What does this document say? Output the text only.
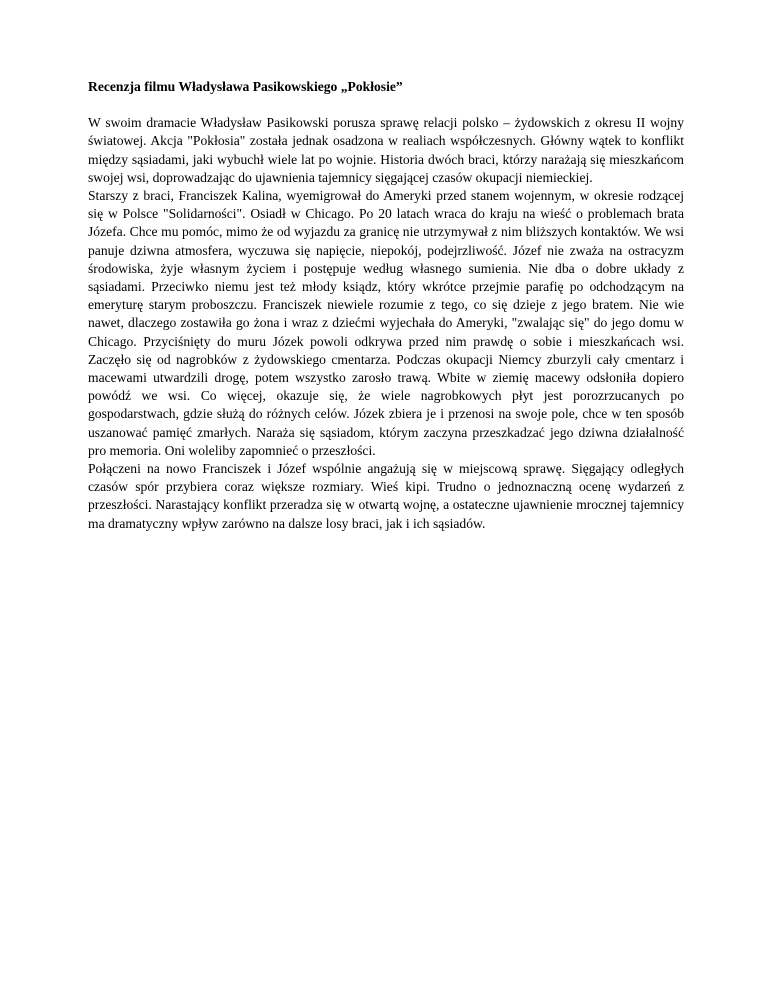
Recenzja filmu Władysława Pasikowskiego „Pokłosie”

W swoim dramacie Władysław Pasikowski porusza sprawę relacji polsko – żydowskich z okresu II wojny światowej. Akcja "Pokłosia" została jednak osadzona w realiach współczesnych. Główny wątek to konflikt między sąsiadami, jaki wybuchł wiele lat po wojnie. Historia dwóch braci, którzy narażają się mieszkańcom swojej wsi, doprowadzając do ujawnienia tajemnicy sięgającej czasów okupacji niemieckiej.

Starszy z braci, Franciszek Kalina, wyemigrował do Ameryki przed stanem wojennym, w okresie rodzącej się w Polsce "Solidarności". Osiadł w Chicago. Po 20 latach wraca do kraju na wieść o problemach brata Józefa. Chce mu pomóc, mimo że od wyjazdu za granicę nie utrzymywał z nim bliższych kontaktów. We wsi panuje dziwna atmosfera, wyczuwa się napięcie, niepokój, podejrzliwość. Józef nie zważa na ostracyzm środowiska, żyje własnym życiem i postępuje według własnego sumienia. Nie dba o dobre układy z sąsiadami. Przeciwko niemu jest też młody ksiądz, który wkrótce przejmie parafię po odchodzącym na emeryturę starym proboszczu. Franciszek niewiele rozumie z tego, co się dzieje z jego bratem. Nie wie nawet, dlaczego zostawiła go żona i wraz z dziećmi wyjechała do Ameryki, "zwalając się" do jego domu w Chicago. Przyciśnięty do muru Józek powoli odkrywa przed nim prawdę o sobie i mieszkańcach wsi. Zaczęło się od nagrobków z żydowskiego cmentarza. Podczas okupacji Niemcy zburzyli cały cmentarz i macewami utwardzili drogę, potem wszystko zarosło trawą. Wbite w ziemię macewy odsłoniła dopiero powódź we wsi. Co więcej, okazuje się, że wiele nagrobkowych płyt jest porozrzucanych po gospodarstwach, gdzie służą do różnych celów. Józek zbiera je i przenosi na swoje pole, chce w ten sposób uszanować pamięć zmarłych. Naraża się sąsiadom, którym zaczyna przeszkadzać jego dziwna działalność pro memoria. Oni woleliby zapomnieć o przeszłości.

Połączeni na nowo Franciszek i Józef wspólnie angażują się w miejscową sprawę. Sięgający odległych czasów spór przybiera coraz większe rozmiary. Wieś kipi. Trudno o jednoznaczną ocenę wydarzeń z przeszłości. Narastający konflikt przeradza się w otwartą wojnę, a ostateczne ujawnienie mrocznej tajemnicy ma dramatyczny wpływ zarówno na dalsze losy braci, jak i ich sąsiadów.
